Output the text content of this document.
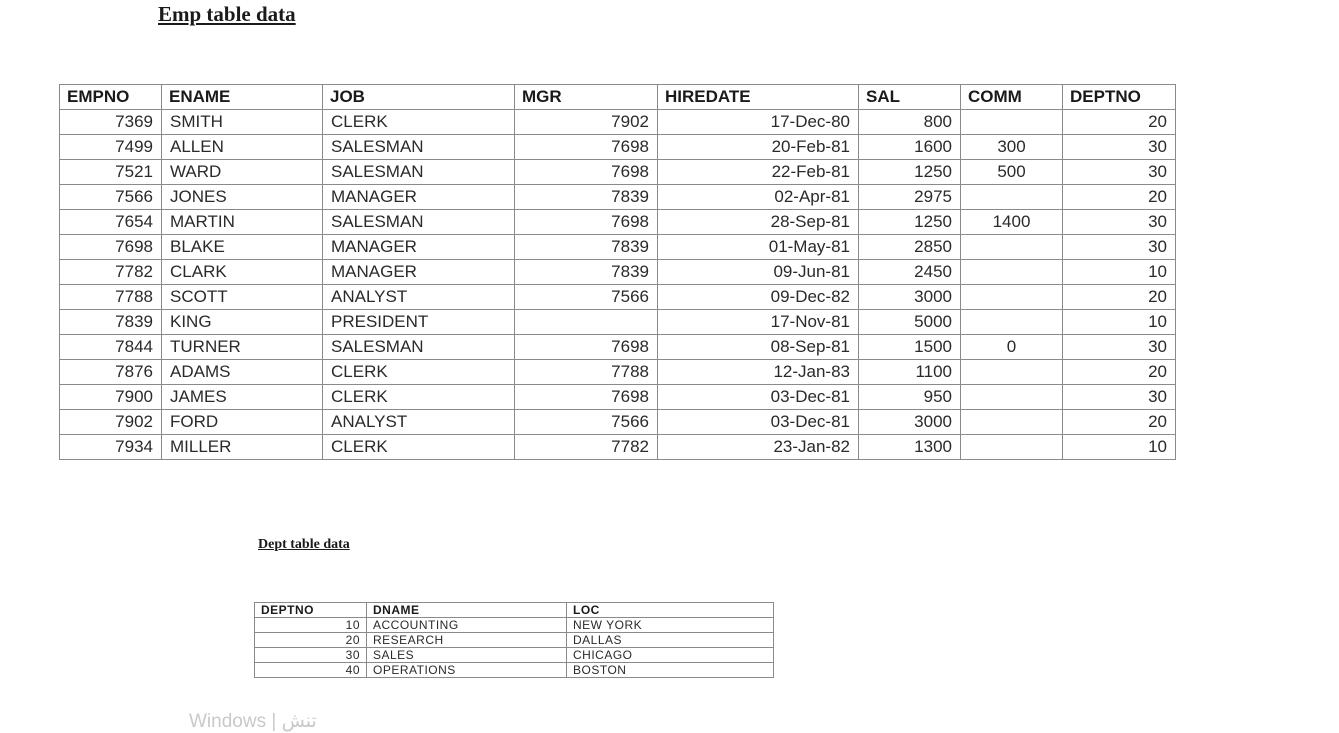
Emp table data
EMPNO	ENAME	JOB	MGR	HIREDATE	SAL	COMM	DEPTNO
7369	SMITH	CLERK	7902	17-Dec-80	800		20
7499	ALLEN	SALESMAN	7698	20-Feb-81	1600	300	30
7521	WARD	SALESMAN	7698	22-Feb-81	1250	500	30
7566	JONES	MANAGER	7839	02-Apr-81	2975		20
7654	MARTIN	SALESMAN	7698	28-Sep-81	1250	1400	30
7698	BLAKE	MANAGER	7839	01-May-81	2850		30
7782	CLARK	MANAGER	7839	09-Jun-81	2450		10
7788	SCOTT	ANALYST	7566	09-Dec-82	3000		20
7839	KING	PRESIDENT		17-Nov-81	5000		10
7844	TURNER	SALESMAN	7698	08-Sep-81	1500	0	30
7876	ADAMS	CLERK	7788	12-Jan-83	1100		20
7900	JAMES	CLERK	7698	03-Dec-81	950		30
7902	FORD	ANALYST	7566	03-Dec-81	3000		20
7934	MILLER	CLERK	7782	23-Jan-82	1300		10
Dept table data
DEPTNO	DNAME	LOC
10	ACCOUNTING	NEW YORK
20	RESEARCH	DALLAS
30	SALES	CHICAGO
40	OPERATIONS	BOSTON
Windows | تنش
